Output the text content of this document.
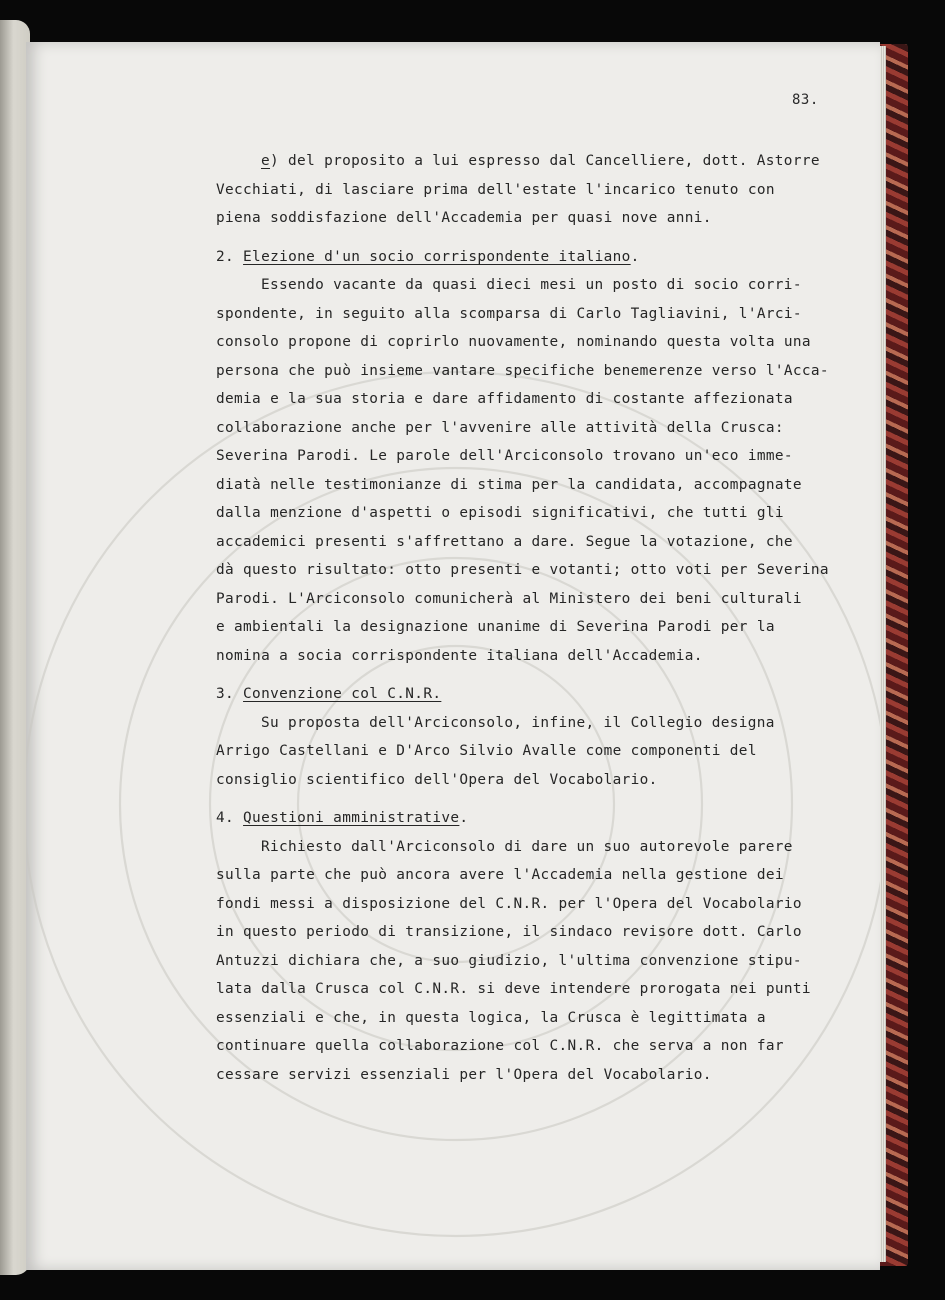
83.
e) del proposito a lui espresso dal Cancelliere, dott. Astorre
Vecchiati, di lasciare prima dell'estate l'incarico tenuto con
piena soddisfazione dell'Accademia per quasi nove anni.
2. Elezione d'un socio corrispondente italiano.
Essendo vacante da quasi dieci mesi un posto di socio corri-
spondente, in seguito alla scomparsa di Carlo Tagliavini, l'Arci-
consolo propone di coprirlo nuovamente, nominando questa volta una
persona che può insieme vantare specifiche benemerenze verso l'Acca-
demia e la sua storia e dare affidamento di costante affezionata
collaborazione anche per l'avvenire alle attività della Crusca:
Severina Parodi. Le parole dell'Arciconsolo trovano un'eco imme-
diatà nelle testimonianze di stima per la candidata, accompagnate
dalla menzione d'aspetti o episodi significativi, che tutti gli
accademici presenti s'affrettano a dare. Segue la votazione, che
dà questo risultato: otto presenti e votanti; otto voti per Severina
Parodi. L'Arciconsolo comunicherà al Ministero dei beni culturali
e ambientali la designazione unanime di Severina Parodi per la
nomina a socia corrispondente italiana dell'Accademia.
3. Convenzione col C.N.R.
Su proposta dell'Arciconsolo, infine, il Collegio designa
Arrigo Castellani e D'Arco Silvio Avalle come componenti del
consiglio scientifico dell'Opera del Vocabolario.
4. Questioni amministrative.
Richiesto dall'Arciconsolo di dare un suo autorevole parere
sulla parte che può ancora avere l'Accademia nella gestione dei
fondi messi a disposizione del C.N.R. per l'Opera del Vocabolario
in questo periodo di transizione, il sindaco revisore dott. Carlo
Antuzzi dichiara che, a suo giudizio, l'ultima convenzione stipu-
lata dalla Crusca col C.N.R. si deve intendere prorogata nei punti
essenziali e che, in questa logica, la Crusca è legittimata a
continuare quella collaborazione col C.N.R. che serva a non far
cessare servizi essenziali per l'Opera del Vocabolario.
